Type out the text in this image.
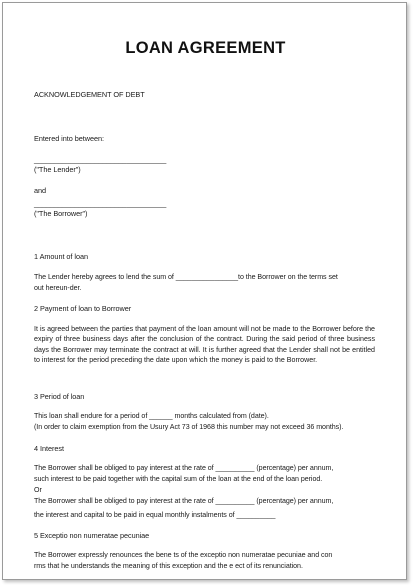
LOAN AGREEMENT
ACKNOWLEDGEMENT OF DEBT
Entered into between:
_________________________________
("The Lender")
and
_________________________________
("The Borrower")
1 Amount of loan
The Lender hereby agrees to lend the sum of ________________to the Borrower on the terms set
out hereun-der.
2 Payment of loan to Borrower
It is agreed between the parties that payment of the loan amount will not be made to the Borrower before the expiry of three business days after the conclusion of the contract. During the said period of three business days the Borrower may terminate the contract at will. It is further agreed that the Lender shall not be entitled to interest for the period preceding the date upon which the money is paid to the Borrower.
3 Period of loan
This loan shall endure for a period of ______ months calculated from (date).
(In order to claim exemption from the Usury Act 73 of 1968 this number may not exceed 36 months).
4 Interest
The Borrower shall be obliged to pay interest at the rate of __________ (percentage) per annum,
such interest to be paid together with the capital sum of the loan at the end of the loan period.
Or
The Borrower shall be obliged to pay interest at the rate of __________ (percentage) per annum,
the interest and capital to be paid in equal monthly instalments of __________
5 Exceptio non numeratae pecuniae
The Borrower expressly renounces the bene ts of the exceptio non numeratae pecuniae and con
rms that he understands the meaning of this exception and the e ect of its renunciation.
